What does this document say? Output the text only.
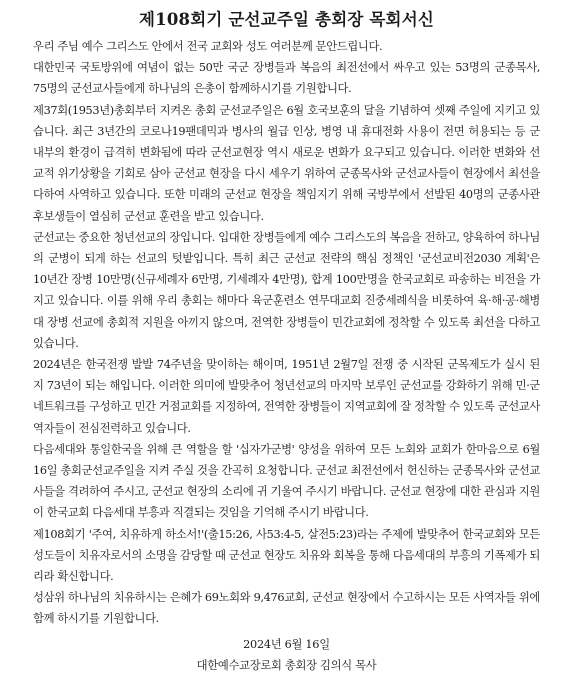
제108회기 군선교주일 총회장 목회서신

우리 주님 예수 그리스도 안에서 전국 교회와 성도 여러분께 문안드립니다.

대한민국 국토방위에 여념이 없는 50만 국군 장병들과 복음의 최전선에서 싸우고 있는 53명의 군종목사, 75명의 군선교사들에게 하나님의 은총이 함께하시기를 기원합니다.

제37회(1953년)총회부터 지켜온 총회 군선교주일은 6월 호국보훈의 달을 기념하여 셋째 주일에 지키고 있습니다. 최근 3년간의 코로나19팬데믹과 병사의 월급 인상, 병영 내 휴대전화 사용이 전면 허용되는 등 군 내부의 환경이 급격히 변화됨에 따라 군선교현장 역시 새로운 변화가 요구되고 있습니다. 이러한 변화와 선교적 위기상황을 기회로 삼아 군선교 현장을 다시 세우기 위하여 군종목사와 군선교사들이 현장에서 최선을 다하여 사역하고 있습니다. 또한 미래의 군선교 현장을 책임지기 위해 국방부에서 선발된 40명의 군종사관후보생들이 열심히 군선교 훈련을 받고 있습니다.

군선교는 중요한 청년선교의 장입니다. 입대한 장병들에게 예수 그리스도의 복음을 전하고, 양육하여 하나님의 군병이 되게 하는 선교의 텃밭입니다. 특히 최근 군선교 전략의 핵심 정책인 '군선교비전2030 계획'은 10년간 장병 10만명(신규세례자 6만명, 기세례자 4만명), 합계 100만명을 한국교회로 파송하는 비전을 가지고 있습니다. 이를 위해 우리 총회는 해마다 육군훈련소 연무대교회 진중세례식을 비롯하여 육·해·공·해병대 장병 선교에 총회적 지원을 아끼지 않으며, 전역한 장병들이 민간교회에 정착할 수 있도록 최선을 다하고 있습니다.

2024년은 한국전쟁 발발 74주년을 맞이하는 해이며, 1951년 2월7일 전쟁 중 시작된 군목제도가 실시 된지 73년이 되는 해입니다. 이러한 의미에 발맞추어 청년선교의 마지막 보루인 군선교를 강화하기 위해 민·군 네트워크를 구성하고 민간 거점교회를 지정하여, 전역한 장병들이 지역교회에 잘 정착할 수 있도록 군선교사역자들이 전심전력하고 있습니다.

다음세대와 통일한국을 위해 큰 역할을 할 '십자가군병' 양성을 위하여 모든 노회와 교회가 한마음으로 6월 16일 총회군선교주일을 지켜 주실 것을 간곡히 요청합니다. 군선교 최전선에서 헌신하는 군종목사와 군선교사들을 격려하여 주시고, 군선교 현장의 소리에 귀 기울여 주시기 바랍니다. 군선교 현장에 대한 관심과 지원이 한국교회 다음세대 부흥과 직결되는 것임을 기억해 주시기 바랍니다.

제108회기 '주여, 치유하게 하소서!'(출15:26, 사53:4-5, 살전5:23)라는 주제에 발맞추어 한국교회와 모든 성도들이 치유자로서의 소명을 감당할 때 군선교 현장도 치유와 회복을 통해 다음세대의 부흥의 기폭제가 되리라 확신합니다.

성삼위 하나님의 치유하시는 은혜가 69노회와 9,476교회, 군선교 현장에서 수고하시는 모든 사역자들 위에 함께 하시기를 기원합니다.

2024년 6월 16일

대한예수교장로회 총회장 김의식 목사
